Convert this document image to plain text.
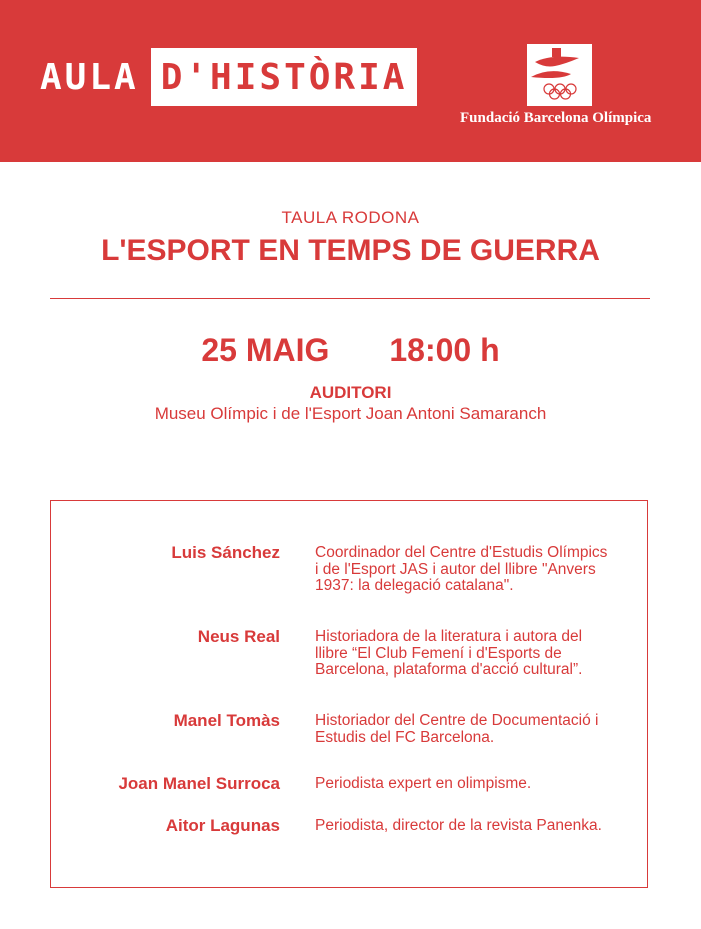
AULA D'HISTÒRIA
Fundació Barcelona Olímpica
TAULA RODONA
L'ESPORT EN TEMPS DE GUERRA
25 MAIG 18:00 h
AUDITORI
Museu Olímpic i de l'Esport Joan Antoni Samaranch
Luis Sánchez Coordinador del Centre d'Estudis Olímpics i de l'Esport JAS i autor del llibre "Anvers 1937: la delegació catalana".
Neus Real Historiadora de la literatura i autora del llibre “El Club Femení i d'Esports de Barcelona, plataforma d'acció cultural”.
Manel Tomàs Historiador del Centre de Documentació i Estudis del FC Barcelona.
Joan Manel Surroca Periodista expert en olimpisme.
Aitor Lagunas Periodista, director de la revista Panenka.
